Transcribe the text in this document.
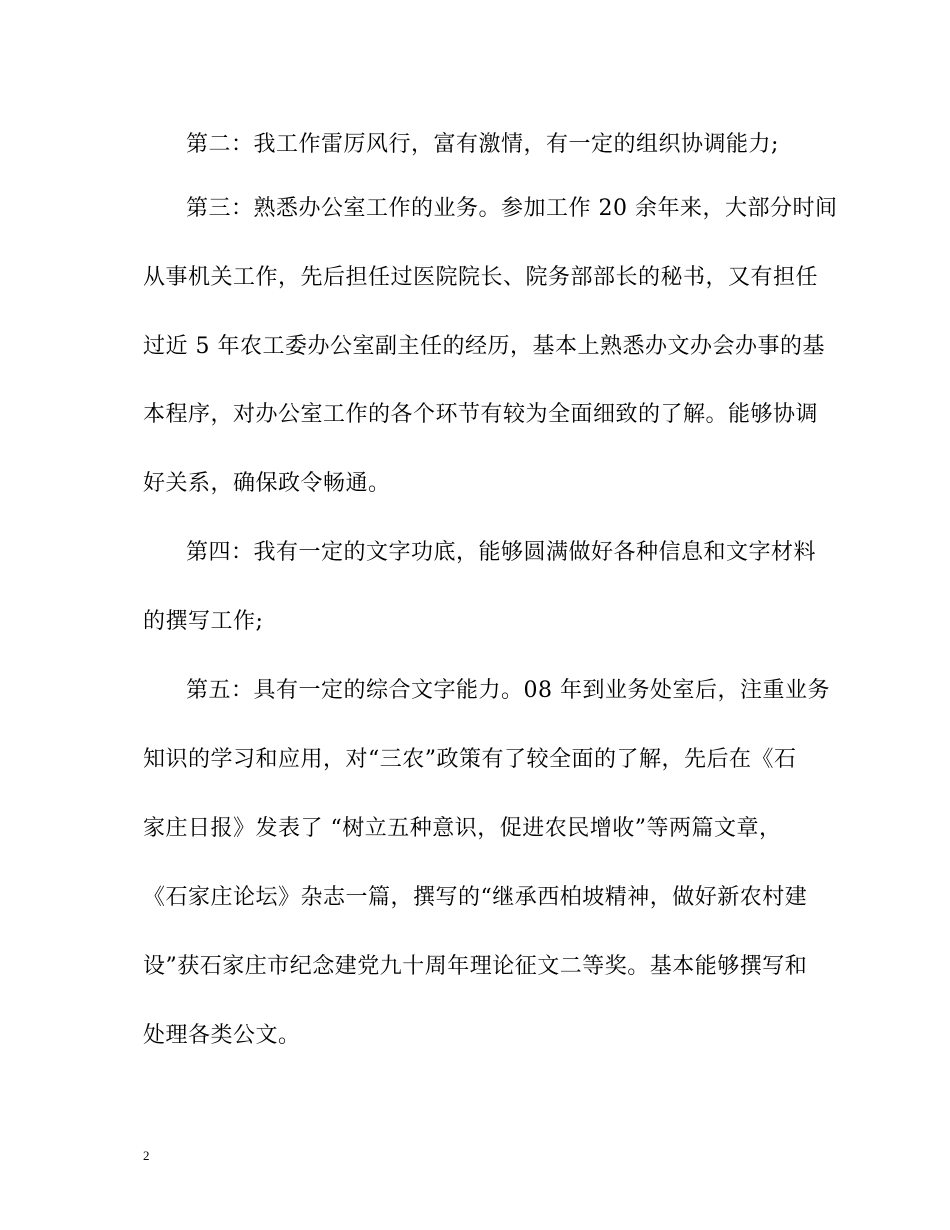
第二：我工作雷厉风行，富有激情，有一定的组织协调能力;
第三：熟悉办公室工作的业务。参加工作 20 余年来，大部分时间
从事机关工作，先后担任过医院院长、院务部部长的秘书，又有担任
过近 5 年农工委办公室副主任的经历，基本上熟悉办文办会办事的基
本程序，对办公室工作的各个环节有较为全面细致的了解。能够协调
好关系，确保政令畅通。
第四：我有一定的文字功底，能够圆满做好各种信息和文字材料
的撰写工作;
第五：具有一定的综合文字能力。08 年到业务处室后，注重业务
知识的学习和应用，对“三农”政策有了较全面的了解，先后在《石
家庄日报》发表了 “树立五种意识，促进农民增收”等两篇文章，
《石家庄论坛》杂志一篇，撰写的“继承西柏坡精神，做好新农村建
设”获石家庄市纪念建党九十周年理论征文二等奖。基本能够撰写和
处理各类公文。
2
